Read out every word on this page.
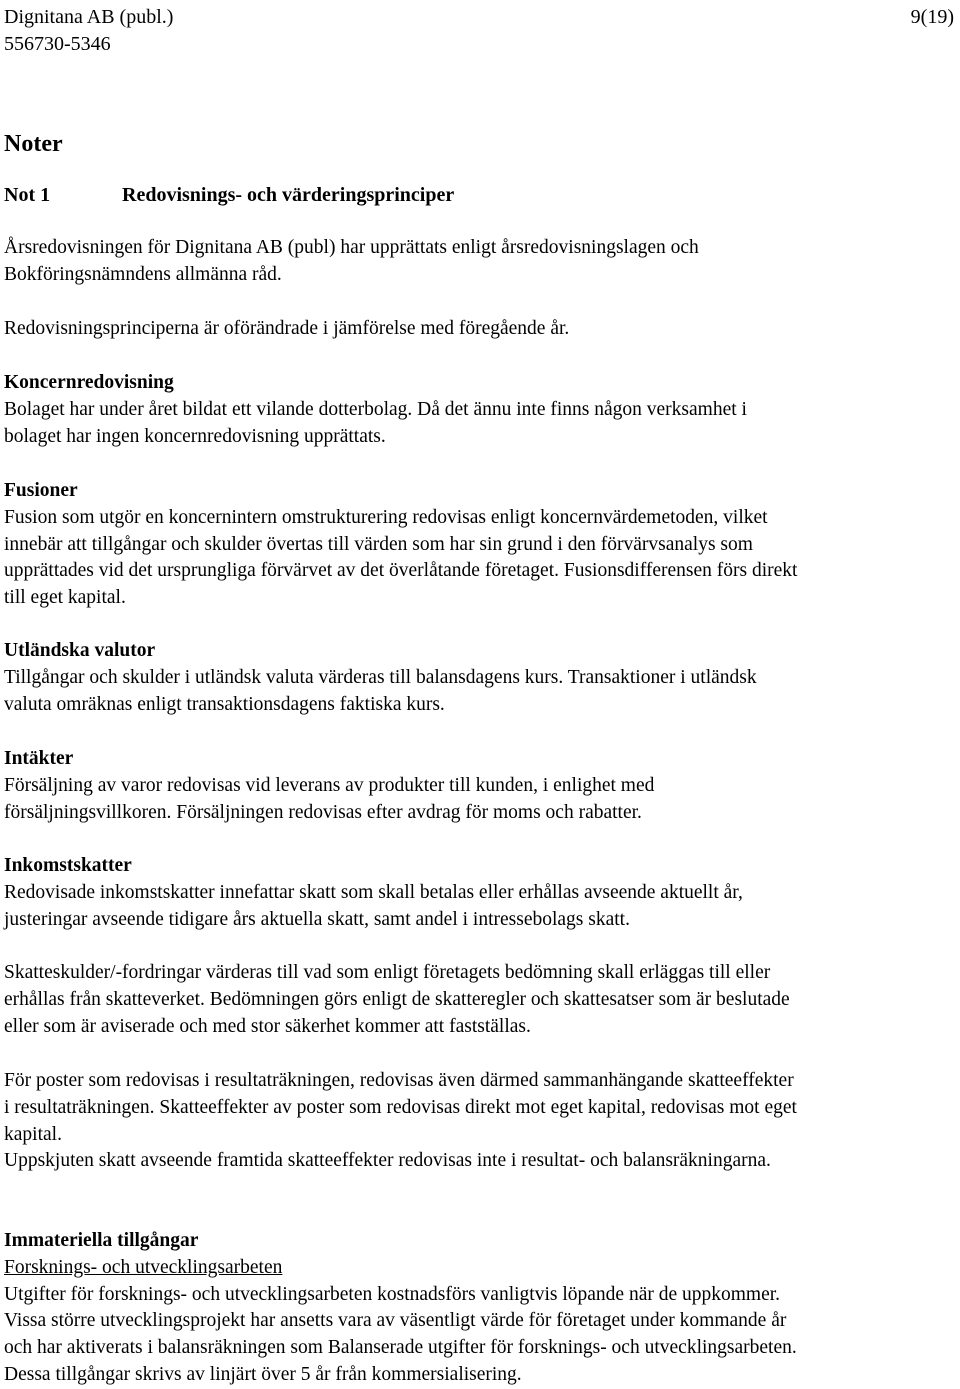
Dignitana AB (publ.)
556730-5346
9(19)
Noter
Not 1	Redovisnings- och värderingsprinciper

Årsredovisningen för Dignitana AB (publ) har upprättats enligt årsredovisningslagen och

Bokföringsnämndens allmänna råd.

Redovisningsprinciperna är oförändrade i jämförelse med föregående år.

Koncernredovisning

Bolaget har under året bildat ett vilande dotterbolag. Då det ännu inte finns någon verksamhet i

bolaget har ingen koncernredovisning upprättats.

Fusioner

Fusion som utgör en koncernintern omstrukturering redovisas enligt koncernvärdemetoden, vilket

innebär att tillgångar och skulder övertas till värden som har sin grund i den förvärvsanalys som

upprättades vid det ursprungliga förvärvet av det överlåtande företaget. Fusionsdifferensen förs direkt

till eget kapital.

Utländska valutor

Tillgångar och skulder i utländsk valuta värderas till balansdagens kurs. Transaktioner i utländsk

valuta omräknas enligt transaktionsdagens faktiska kurs.

Intäkter

Försäljning av varor redovisas vid leverans av produkter till kunden, i enlighet med

försäljningsvillkoren. Försäljningen redovisas efter avdrag för moms och rabatter.

Inkomstskatter

Redovisade inkomstskatter innefattar skatt som skall betalas eller erhållas avseende aktuellt år,

justeringar avseende tidigare års aktuella skatt, samt andel i intressebolags skatt.

Skatteskulder/-fordringar värderas till vad som enligt företagets bedömning skall erläggas till eller

erhållas från skatteverket. Bedömningen görs enligt de skatteregler och skattesatser som är beslutade

eller som är aviserade och med stor säkerhet kommer att fastställas.

För poster som redovisas i resultaträkningen, redovisas även därmed sammanhängande skatteeffekter

i resultaträkningen. Skatteeffekter av poster som redovisas direkt mot eget kapital, redovisas mot eget

kapital.

Uppskjuten skatt avseende framtida skatteeffekter redovisas inte i resultat- och balansräkningarna.

Immateriella tillgångar

Forsknings- och utvecklingsarbeten

Utgifter för forsknings- och utvecklingsarbeten kostnadsförs vanligtvis löpande när de uppkommer.

Vissa större utvecklingsprojekt har ansetts vara av väsentligt värde för företaget under kommande år

och har aktiverats i balansräkningen som Balanserade utgifter för forsknings- och utvecklingsarbeten.

Dessa tillgångar skrivs av linjärt över 5 år från kommersialisering.
